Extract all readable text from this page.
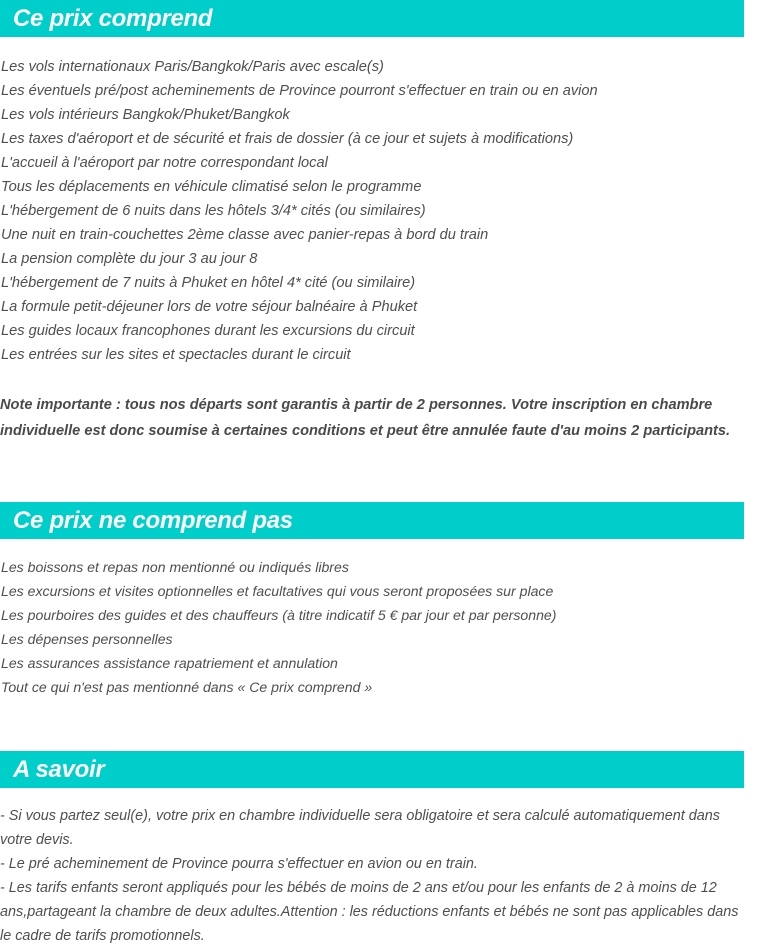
Ce prix comprend
Les vols internationaux Paris/Bangkok/Paris avec escale(s)
Les éventuels pré/post acheminements de Province pourront s'effectuer en train ou en avion
Les vols intérieurs Bangkok/Phuket/Bangkok
Les taxes d'aéroport et de sécurité et frais de dossier (à ce jour et sujets à modifications)
L'accueil à l'aéroport par notre correspondant local
Tous les déplacements en véhicule climatisé selon le programme
L'hébergement de 6 nuits dans les hôtels 3/4* cités (ou similaires)
Une nuit en train-couchettes 2ème classe avec panier-repas à bord du train
La pension complète du jour 3 au jour 8
L'hébergement de 7 nuits à Phuket en hôtel 4* cité (ou similaire)
La formule petit-déjeuner lors de votre séjour balnéaire à Phuket
Les guides locaux francophones durant les excursions du circuit
Les entrées sur les sites et spectacles durant le circuit

Note importante : tous nos départs sont garantis à partir de 2 personnes. Votre inscription en chambre individuelle est donc soumise à certaines conditions et peut être annulée faute d'au moins 2 participants.

Ce prix ne comprend pas
Les boissons et repas non mentionné ou indiqués libres
Les excursions et visites optionnelles et facultatives qui vous seront proposées sur place
Les pourboires des guides et des chauffeurs (à titre indicatif 5 € par jour et par personne)
Les dépenses personnelles
Les assurances assistance rapatriement et annulation
Tout ce qui n'est pas mentionné dans « Ce prix comprend »
A savoir

- Si vous partez seul(e), votre prix en chambre individuelle sera obligatoire et sera calculé automatiquement dans votre devis.

- Le pré acheminement de Province pourra s'effectuer en avion ou en train.

- Les tarifs enfants seront appliqués pour les bébés de moins de 2 ans et/ou pour les enfants de 2 à moins de 12 ans,partageant la chambre de deux adultes.Attention : les réductions enfants et bébés ne sont pas applicables dans le cadre de tarifs promotionnels.
